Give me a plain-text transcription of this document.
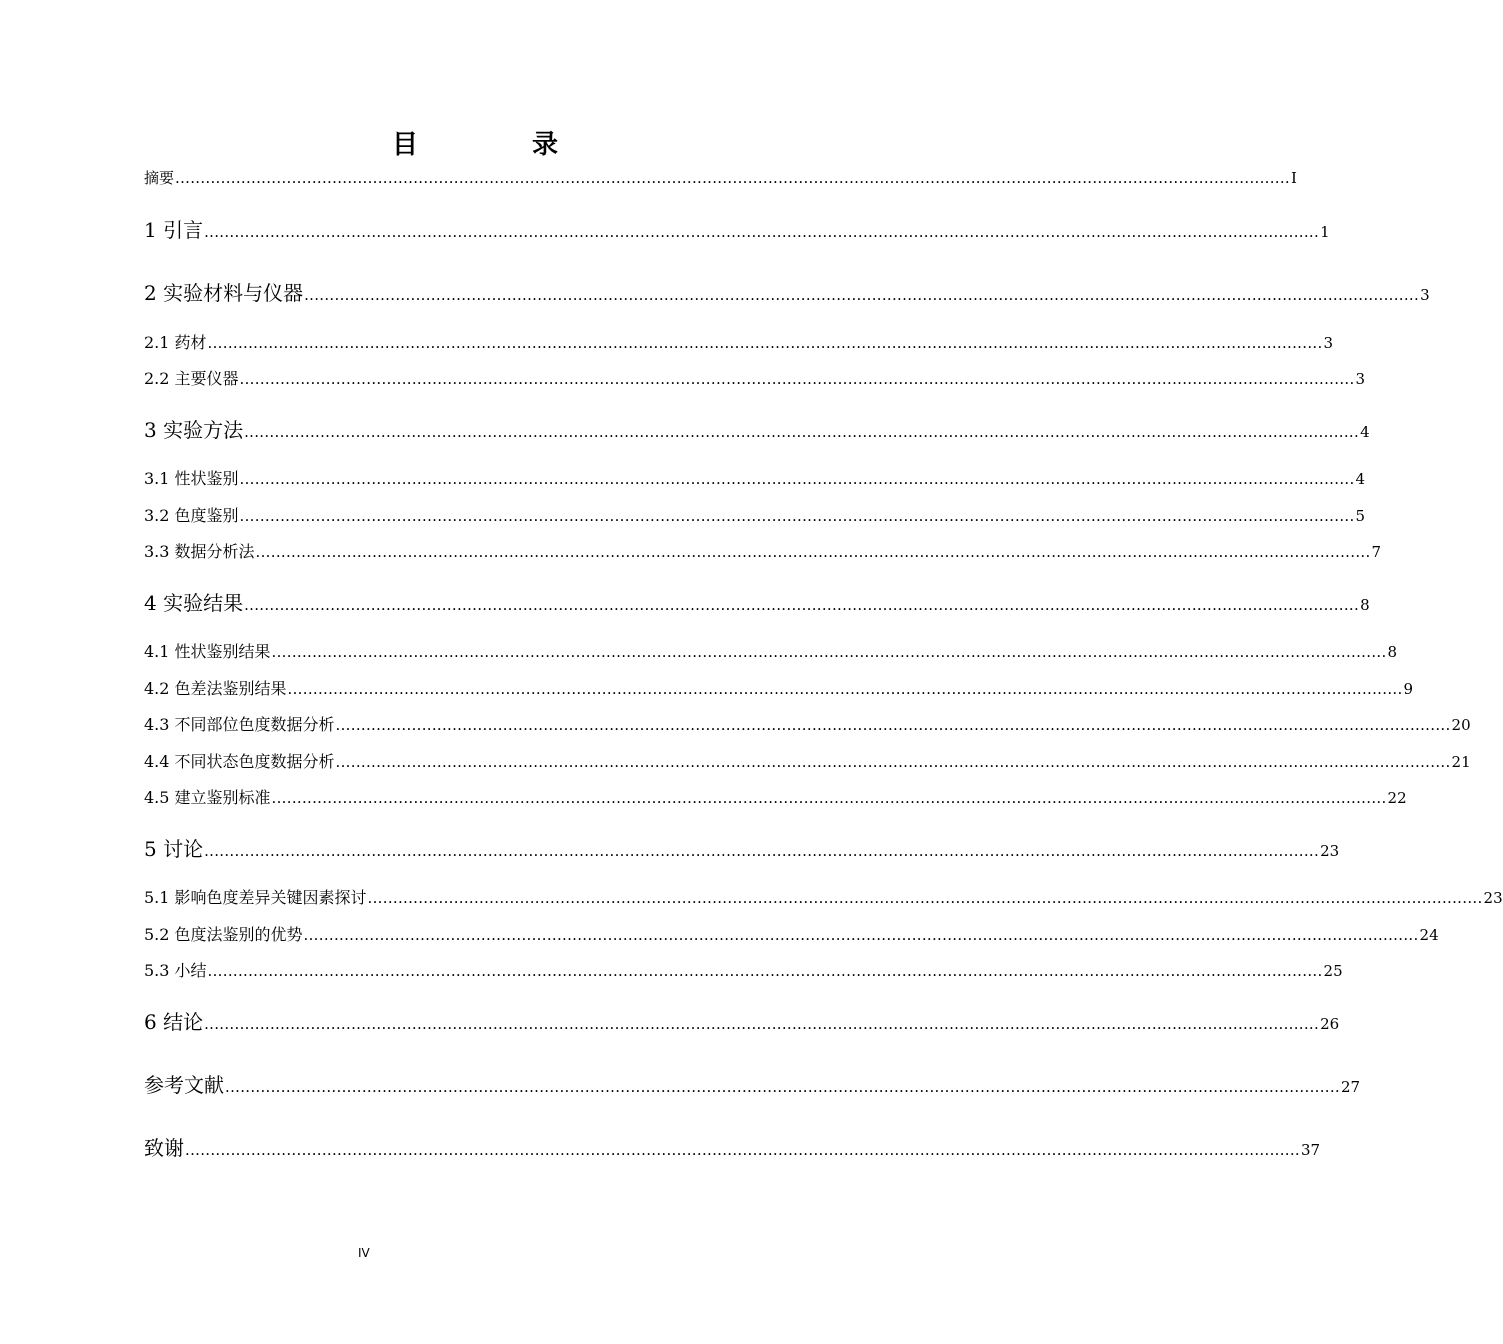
目　录
摘要 ............................................................................................................................................................................................................................ I
1 引言 ............................................................................................................................................................................................................................ 1
2 实验材料与仪器 ............................................................................................................................................................................................................................ 3
2.1 药材 ............................................................................................................................................................................................................................ 3
2.2 主要仪器 ............................................................................................................................................................................................................................ 3
3 实验方法 ............................................................................................................................................................................................................................ 4
3.1 性状鉴别 ............................................................................................................................................................................................................................ 4
3.2 色度鉴别 ............................................................................................................................................................................................................................ 5
3.3 数据分析法 ............................................................................................................................................................................................................................ 7
4 实验结果 ............................................................................................................................................................................................................................ 8
4.1 性状鉴别结果 ............................................................................................................................................................................................................................ 8
4.2 色差法鉴别结果 ............................................................................................................................................................................................................................ 9
4.3 不同部位色度数据分析 ............................................................................................................................................................................................................................ 20
4.4 不同状态色度数据分析 ............................................................................................................................................................................................................................ 21
4.5 建立鉴别标准 ............................................................................................................................................................................................................................ 22
5 讨论 ............................................................................................................................................................................................................................ 23
5.1 影响色度差异关键因素探讨 ............................................................................................................................................................................................................................ 23
5.2 色度法鉴别的优势 ............................................................................................................................................................................................................................ 24
5.3 小结 ............................................................................................................................................................................................................................ 25
6 结论 ............................................................................................................................................................................................................................ 26
参考文献 ............................................................................................................................................................................................................................ 27
致谢 ............................................................................................................................................................................................................................ 37
IV
